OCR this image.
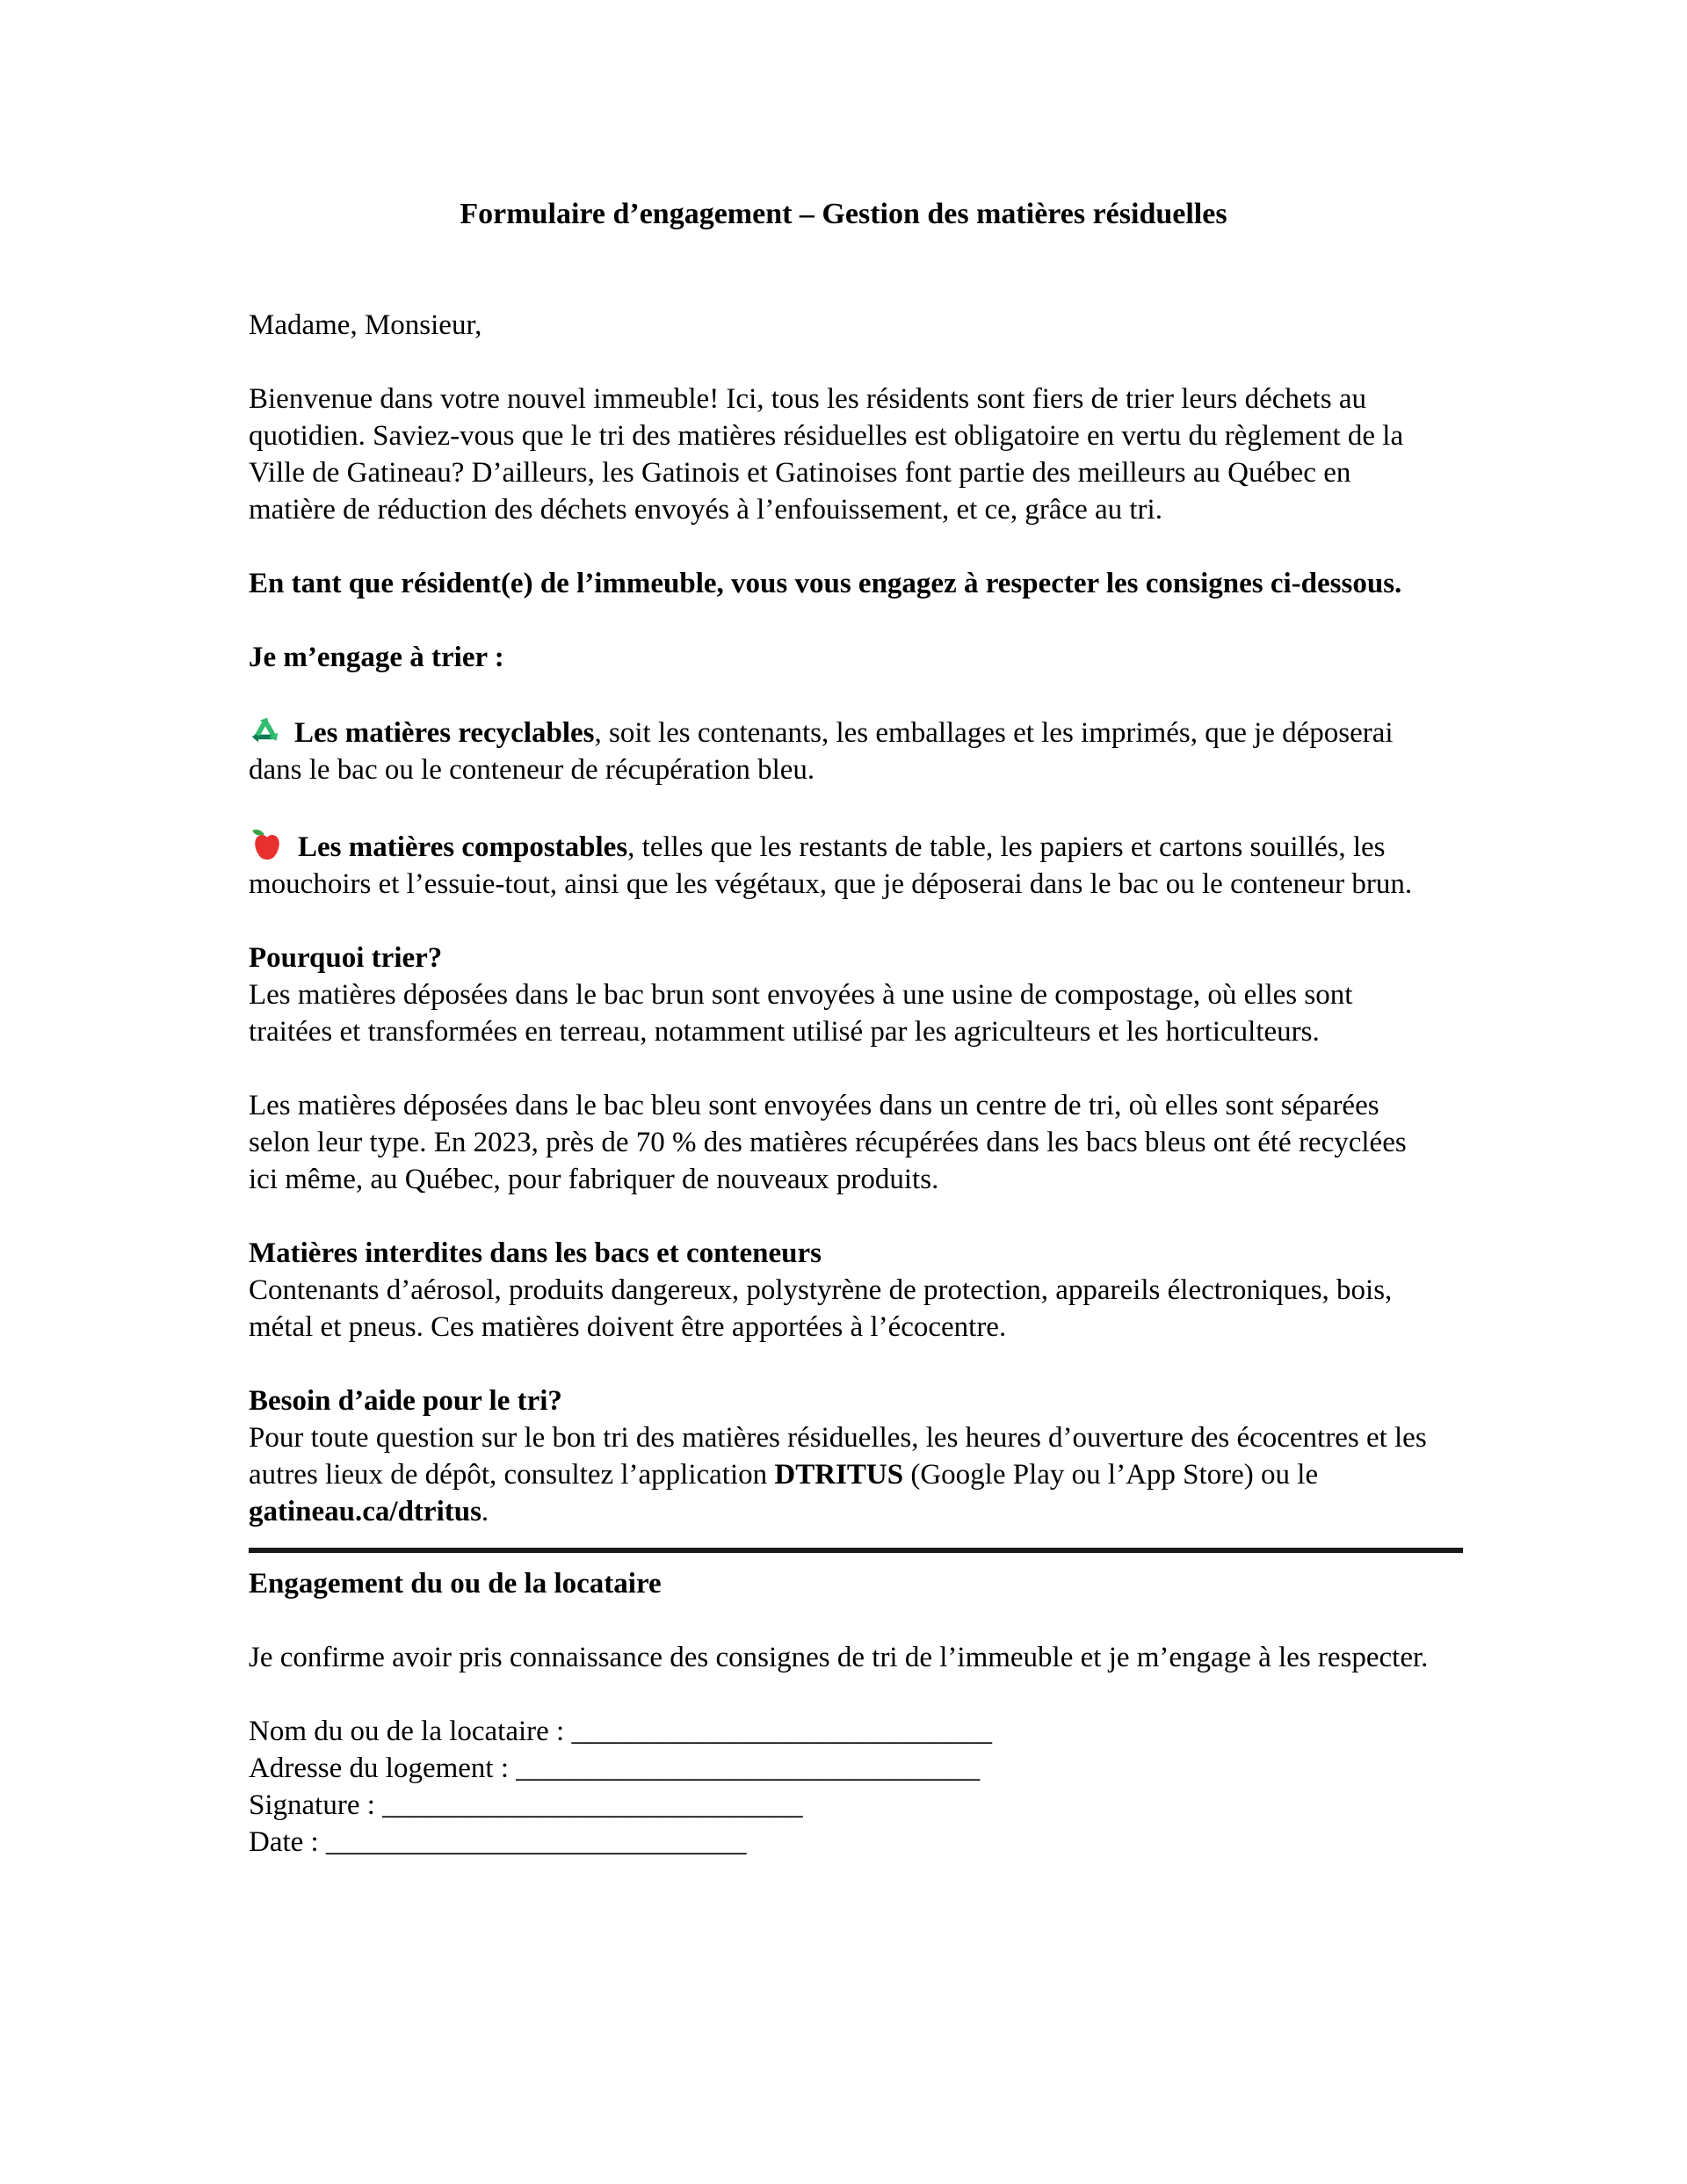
Formulaire d’engagement – Gestion des matières résiduelles

Madame, Monsieur,

Bienvenue dans votre nouvel immeuble! Ici, tous les résidents sont fiers de trier leurs déchets au quotidien. Saviez-vous que le tri des matières résiduelles est obligatoire en vertu du règlement de la Ville de Gatineau? D’ailleurs, les Gatinois et Gatinoises font partie des meilleurs au Québec en matière de réduction des déchets envoyés à l’enfouissement, et ce, grâce au tri.

En tant que résident(e) de l’immeuble, vous vous engagez à respecter les consignes ci-dessous.

Je m’engage à trier :

Les matières recyclables, soit les contenants, les emballages et les imprimés, que je déposerai dans le bac ou le conteneur de récupération bleu.

Les matières compostables, telles que les restants de table, les papiers et cartons souillés, les mouchoirs et l’essuie-tout, ainsi que les végétaux, que je déposerai dans le bac ou le conteneur brun.

Pourquoi trier?

Les matières déposées dans le bac brun sont envoyées à une usine de compostage, où elles sont traitées et transformées en terreau, notamment utilisé par les agriculteurs et les horticulteurs.

Les matières déposées dans le bac bleu sont envoyées dans un centre de tri, où elles sont séparées selon leur type. En 2023, près de 70 % des matières récupérées dans les bacs bleus ont été recyclées ici même, au Québec, pour fabriquer de nouveaux produits.

Matières interdites dans les bacs et conteneurs

Contenants d’aérosol, produits dangereux, polystyrène de protection, appareils électroniques, bois, métal et pneus. Ces matières doivent être apportées à l’écocentre.

Besoin d’aide pour le tri?

Pour toute question sur le bon tri des matières résiduelles, les heures d’ouverture des écocentres et les autres lieux de dépôt, consultez l’application DTRITUS (Google Play ou l’App Store) ou le gatineau.ca/dtritus.

Engagement du ou de la locataire

Je confirme avoir pris connaissance des consignes de tri de l’immeuble et je m’engage à les respecter.

Nom du ou de la locataire : _____________________________

Adresse du logement : ________________________________

Signature : _____________________________

Date : _____________________________
